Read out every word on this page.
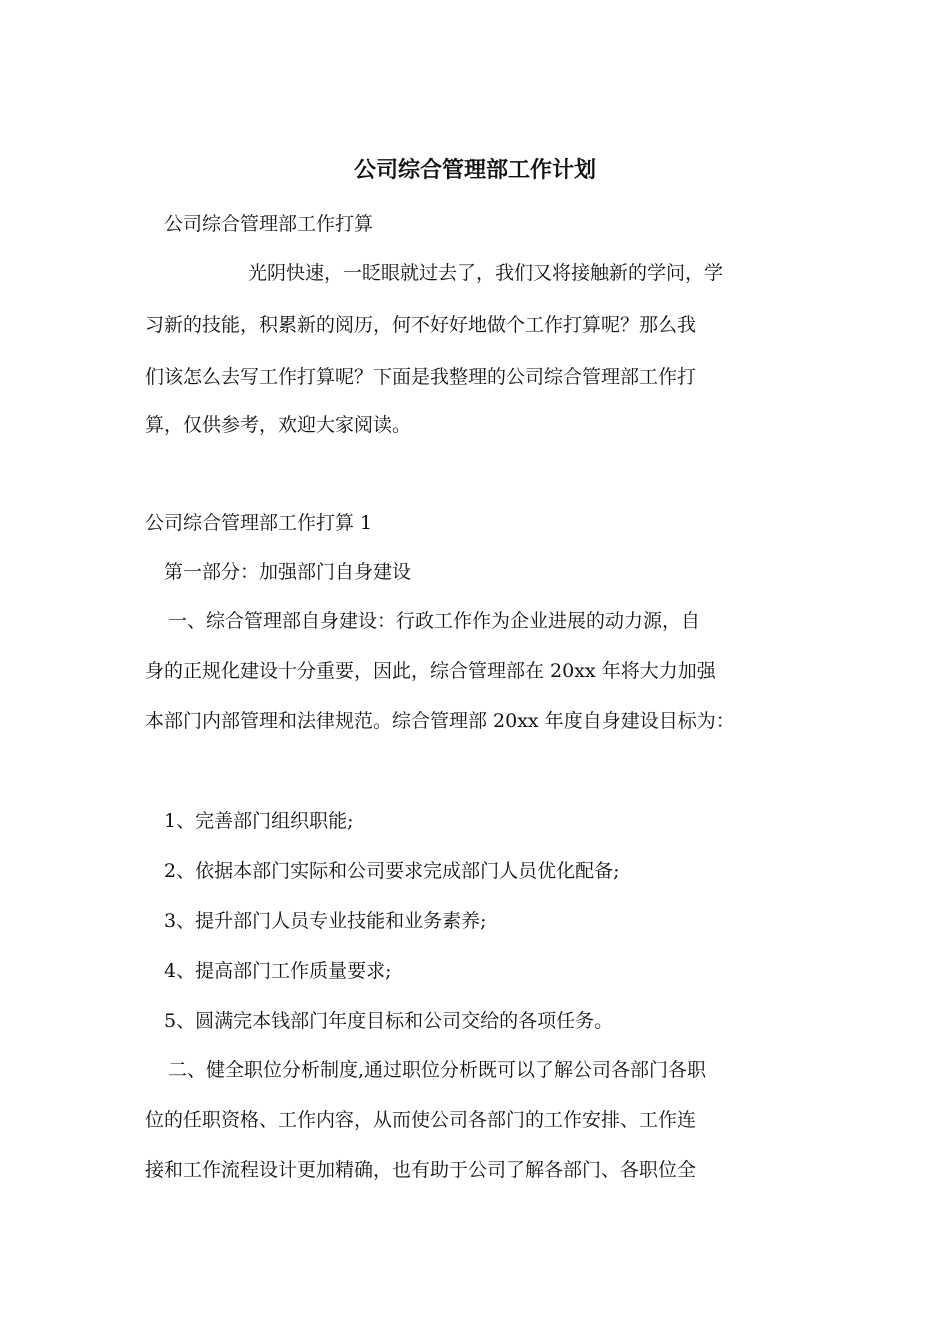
公司综合管理部工作计划
公司综合管理部工作打算
光阴快速，一眨眼就过去了，我们又将接触新的学问，学
习新的技能，积累新的阅历，何不好好地做个工作打算呢？那么我
们该怎么去写工作打算呢？下面是我整理的公司综合管理部工作打
算，仅供参考，欢迎大家阅读。
公司综合管理部工作打算 1
第一部分：加强部门自身建设
一、综合管理部自身建设：行政工作作为企业进展的动力源，自
身的正规化建设十分重要，因此，综合管理部在 20xx 年将大力加强
本部门内部管理和法律规范。综合管理部 20xx 年度自身建设目标为：
1、完善部门组织职能;
2、依据本部门实际和公司要求完成部门人员优化配备;
3、提升部门人员专业技能和业务素养;
4、提高部门工作质量要求;
5、圆满完本钱部门年度目标和公司交给的各项任务。
二、健全职位分析制度,通过职位分析既可以了解公司各部门各职
位的任职资格、工作内容，从而使公司各部门的工作安排、工作连
接和工作流程设计更加精确，也有助于公司了解各部门、各职位全
